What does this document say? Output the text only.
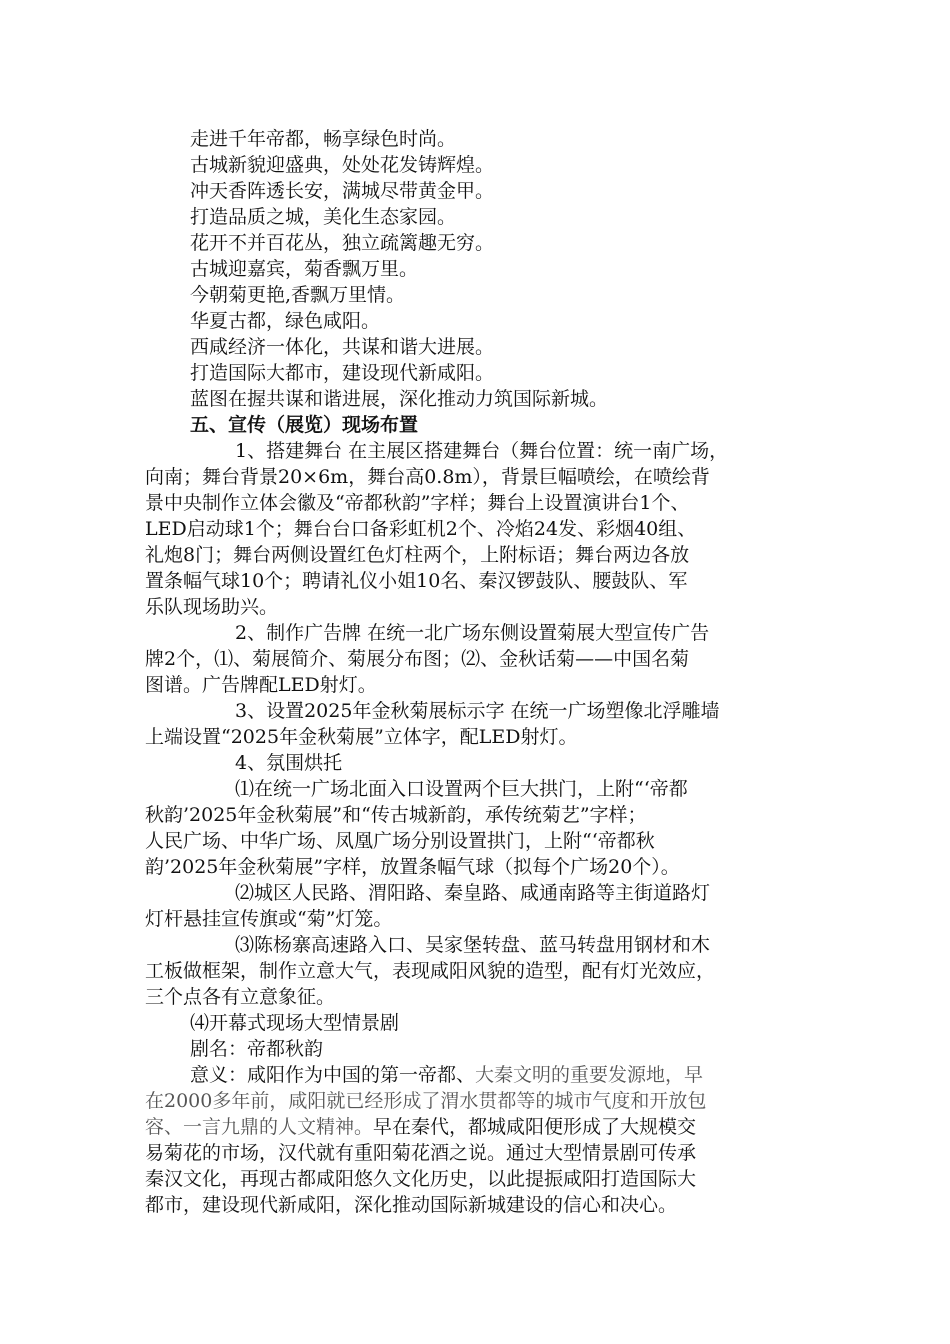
走进千年帝都，畅享绿色时尚。
古城新貌迎盛典，处处花发铸辉煌。
冲天香阵透长安，满城尽带黄金甲。
打造品质之城，美化生态家园。
花开不并百花丛，独立疏篱趣无穷。
古城迎嘉宾，菊香飘万里。
今朝菊更艳,香飘万里情。
华夏古都，绿色咸阳。
西咸经济一体化，共谋和谐大进展。
打造国际大都市，建设现代新咸阳。
蓝图在握共谋和谐进展，深化推动力筑国际新城。
五、宣传（展览）现场布置
1、搭建舞台 在主展区搭建舞台（舞台位置：统一南广场，
向南；舞台背景20×6m，舞台高0.8m），背景巨幅喷绘，在喷绘背
景中央制作立体会徽及“帝都秋韵”字样；舞台上设置演讲台1个、
LED启动球1个；舞台台口备彩虹机2个、冷焰24发、彩烟40组、
礼炮8门；舞台两侧设置红色灯柱两个，上附标语；舞台两边各放
置条幅气球10个；聘请礼仪小姐10名、秦汉锣鼓队、腰鼓队、军
乐队现场助兴。
2、制作广告牌 在统一北广场东侧设置菊展大型宣传广告
牌2个，⑴、菊展简介、菊展分布图；⑵、金秋话菊——中国名菊
图谱。广告牌配LED射灯。
3、设置2025年金秋菊展标示字 在统一广场塑像北浮雕墙
上端设置“2025年金秋菊展”立体字，配LED射灯。
4、氛围烘托
⑴在统一广场北面入口设置两个巨大拱门，上附“‘帝都
秋韵’2025年金秋菊展”和“传古城新韵，承传统菊艺”字样；
人民广场、中华广场、凤凰广场分别设置拱门，上附“‘帝都秋
韵’2025年金秋菊展”字样，放置条幅气球（拟每个广场20个）。
⑵城区人民路、渭阳路、秦皇路、咸通南路等主街道路灯
灯杆悬挂宣传旗或“菊”灯笼。
⑶陈杨寨高速路入口、吴家堡转盘、蓝马转盘用钢材和木
工板做框架，制作立意大气，表现咸阳风貌的造型，配有灯光效应，
三个点各有立意象征。
⑷开幕式现场大型情景剧
剧名：帝都秋韵
意义：咸阳作为中国的第一帝都、大秦文明的重要发源地，早
在2000多年前，咸阳就已经形成了渭水贯都等的城市气度和开放包
容、一言九鼎的人文精神。早在秦代，都城咸阳便形成了大规模交
易菊花的市场，汉代就有重阳菊花酒之说。通过大型情景剧可传承
秦汉文化，再现古都咸阳悠久文化历史，以此提振咸阳打造国际大
都市，建设现代新咸阳，深化推动国际新城建设的信心和决心。
